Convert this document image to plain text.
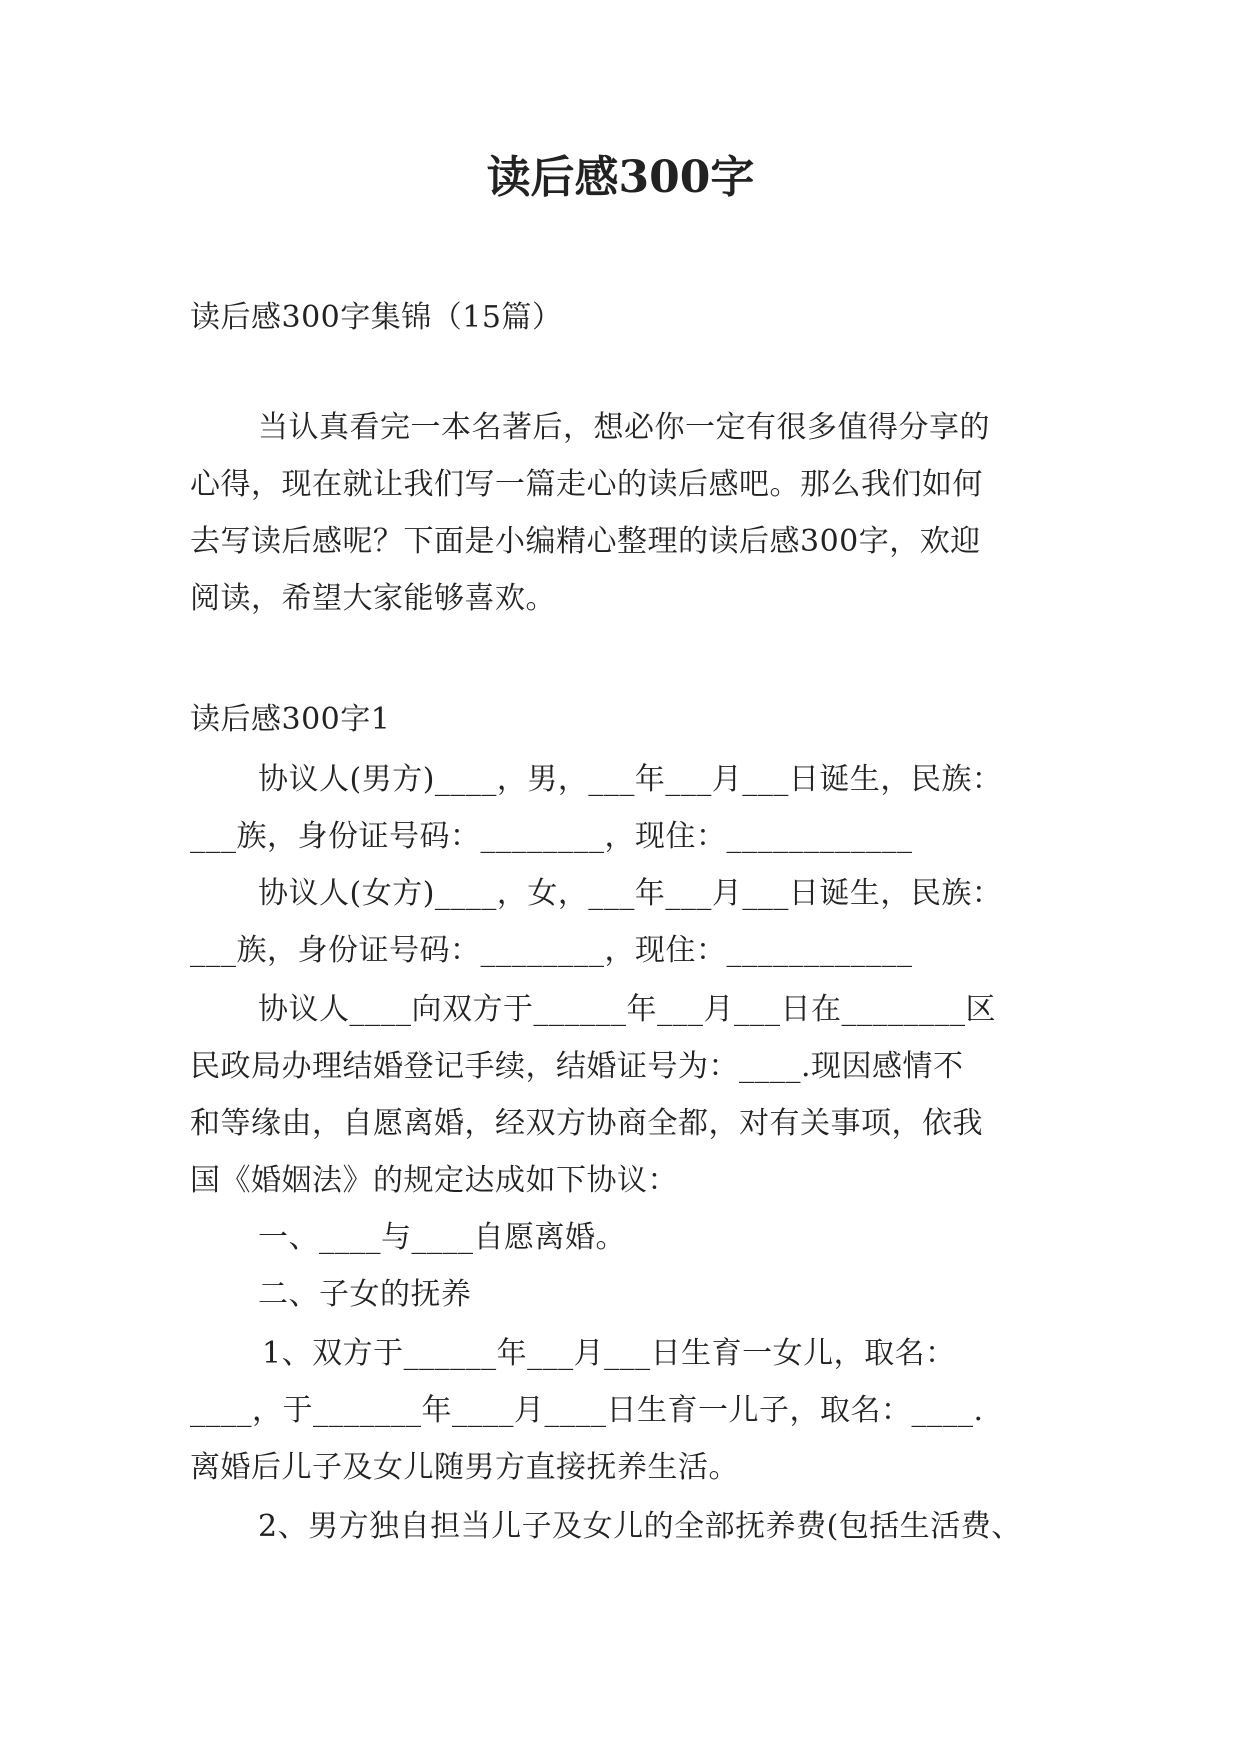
读后感300字
读后感300字集锦（15篇）
当认真看完一本名著后，想必你一定有很多值得分享的
心得，现在就让我们写一篇走心的读后感吧。那么我们如何
去写读后感呢？下面是小编精心整理的读后感300字，欢迎
阅读，希望大家能够喜欢。
读后感300字1
协议人(男方)____，男，___年___月___日诞生，民族：
___族，身份证号码：________，现住：____________
协议人(女方)____，女，___年___月___日诞生，民族：
___族，身份证号码：________，现住：____________
协议人____向双方于______年___月___日在________区
民政局办理结婚登记手续，结婚证号为：____.现因感情不
和等缘由，自愿离婚，经双方协商全都，对有关事项，依我
国《婚姻法》的规定达成如下协议：
一、____与____自愿离婚。
二、子女的抚养
1、双方于______年___月___日生育一女儿，取名：
____，于_______年____月____日生育一儿子，取名：____.
离婚后儿子及女儿随男方直接抚养生活。
2、男方独自担当儿子及女儿的全部抚养费(包括生活费、
